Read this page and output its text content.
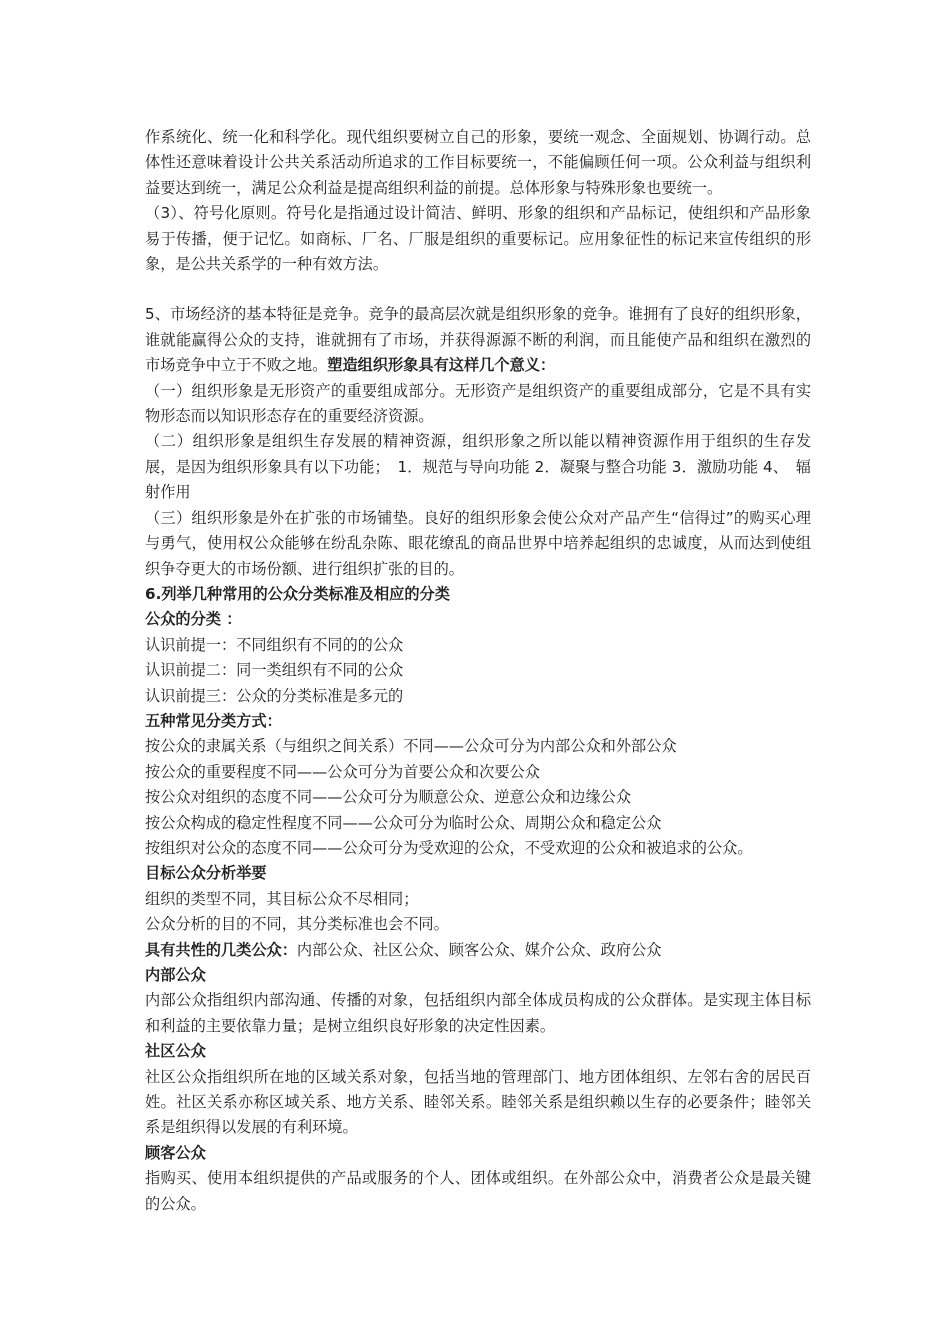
作系统化、统一化和科学化。现代组织要树立自己的形象，要统一观念、全面规划、协调行动。总体性还意味着设计公共关系活动所追求的工作目标要统一，不能偏顾任何一项。公众利益与组织利益要达到统一，满足公众利益是提高组织利益的前提。总体形象与特殊形象也要统一。

（3）、符号化原则。符号化是指通过设计简洁、鲜明、形象的组织和产品标记，使组织和产品形象易于传播，便于记忆。如商标、厂名、厂服是组织的重要标记。应用象征性的标记来宣传组织的形象，是公共关系学的一种有效方法。

5、市场经济的基本特征是竞争。竞争的最高层次就是组织形象的竞争。谁拥有了良好的组织形象，谁就能赢得公众的支持，谁就拥有了市场，并获得源源不断的利润，而且能使产品和组织在激烈的市场竞争中立于不败之地。塑造组织形象具有这样几个意义：

（一）组织形象是无形资产的重要组成部分。无形资产是组织资产的重要组成部分，它是不具有实物形态而以知识形态存在的重要经济资源。

（二）组织形象是组织生存发展的精神资源，组织形象之所以能以精神资源作用于组织的生存发展，是因为组织形象具有以下功能；　1．规范与导向功能 2．凝聚与整合功能 3．激励功能 4、　辐射作用

（三）组织形象是外在扩张的市场铺垫。良好的组织形象会使公众对产品产生“信得过”的购买心理与勇气，使用权公众能够在纷乱杂陈、眼花缭乱的商品世界中培养起组织的忠诚度，从而达到使组织争夺更大的市场份额、进行组织扩张的目的。

6.列举几种常用的公众分类标准及相应的分类

公众的分类 ：

认识前提一：不同组织有不同的的公众

认识前提二：同一类组织有不同的公众

认识前提三：公众的分类标准是多元的

五种常见分类方式：

按公众的隶属关系（与组织之间关系）不同——公众可分为内部公众和外部公众

按公众的重要程度不同——公众可分为首要公众和次要公众

按公众对组织的态度不同——公众可分为顺意公众、逆意公众和边缘公众

按公众构成的稳定性程度不同——公众可分为临时公众、周期公众和稳定公众

按组织对公众的态度不同——公众可分为受欢迎的公众，不受欢迎的公众和被追求的公众。

目标公众分析举要

组织的类型不同，其目标公众不尽相同；

公众分析的目的不同，其分类标准也会不同。

具有共性的几类公众：内部公众、社区公众、顾客公众、媒介公众、政府公众

内部公众

内部公众指组织内部沟通、传播的对象，包括组织内部全体成员构成的公众群体。是实现主体目标和利益的主要依靠力量；是树立组织良好形象的决定性因素。

社区公众

社区公众指组织所在地的区域关系对象，包括当地的管理部门、地方团体组织、左邻右舍的居民百姓。社区关系亦称区域关系、地方关系、睦邻关系。睦邻关系是组织赖以生存的必要条件；睦邻关系是组织得以发展的有利环境。

顾客公众

指购买、使用本组织提供的产品或服务的个人、团体或组织。在外部公众中，消费者公众是最关键的公众。
